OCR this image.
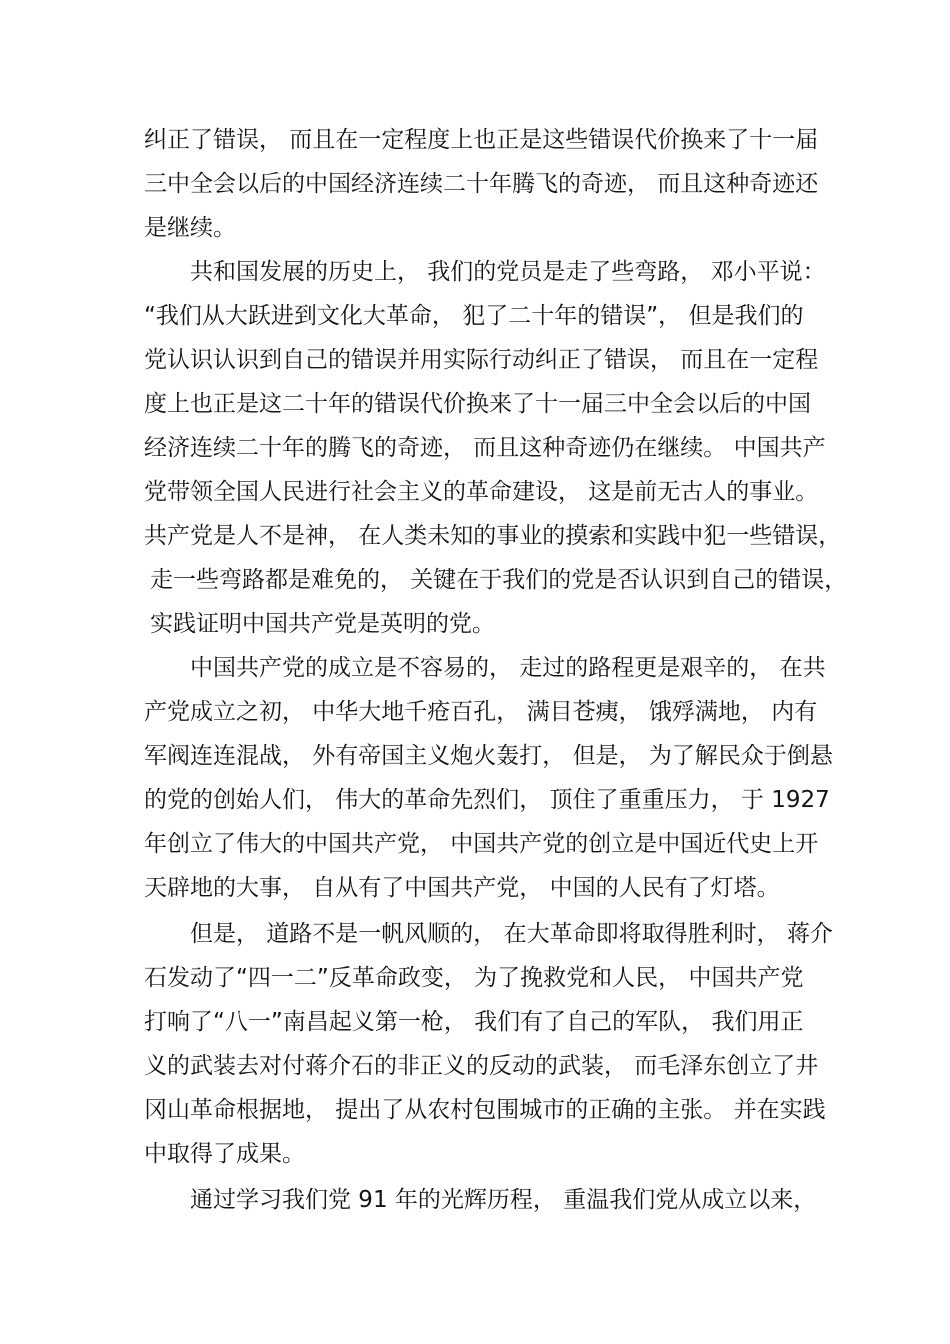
纠正了错误， 而且在一定程度上也正是这些错误代价换来了十一届
三中全会以后的中国经济连续二十年腾飞的奇迹， 而且这种奇迹还
是继续。
共和国发展的历史上， 我们的党员是走了些弯路， 邓小平说：
“我们从大跃进到文化大革命， 犯了二十年的错误”， 但是我们的
党认识认识到自己的错误并用实际行动纠正了错误， 而且在一定程
度上也正是这二十年的错误代价换来了十一届三中全会以后的中国
经济连续二十年的腾飞的奇迹， 而且这种奇迹仍在继续。 中国共产
党带领全国人民进行社会主义的革命建设， 这是前无古人的事业。
共产党是人不是神， 在人类未知的事业的摸索和实践中犯一些错误，
走一些弯路都是难免的， 关键在于我们的党是否认识到自己的错误，
实践证明中国共产党是英明的党。
中国共产党的成立是不容易的， 走过的路程更是艰辛的， 在共
产党成立之初， 中华大地千疮百孔， 满目苍痍， 饿殍满地， 内有
军阀连连混战， 外有帝国主义炮火轰打， 但是， 为了解民众于倒悬
的党的创始人们， 伟大的革命先烈们， 顶住了重重压力， 于 1927
年创立了伟大的中国共产党， 中国共产党的创立是中国近代史上开
天辟地的大事， 自从有了中国共产党， 中国的人民有了灯塔。
但是， 道路不是一帆风顺的， 在大革命即将取得胜利时， 蒋介
石发动了“四一二”反革命政变， 为了挽救党和人民， 中国共产党
打响了“八一”南昌起义第一枪， 我们有了自己的军队， 我们用正
义的武装去对付蒋介石的非正义的反动的武装， 而毛泽东创立了井
冈山革命根据地， 提出了从农村包围城市的正确的主张。 并在实践
中取得了成果。
通过学习我们党 91 年的光辉历程， 重温我们党从成立以来，
